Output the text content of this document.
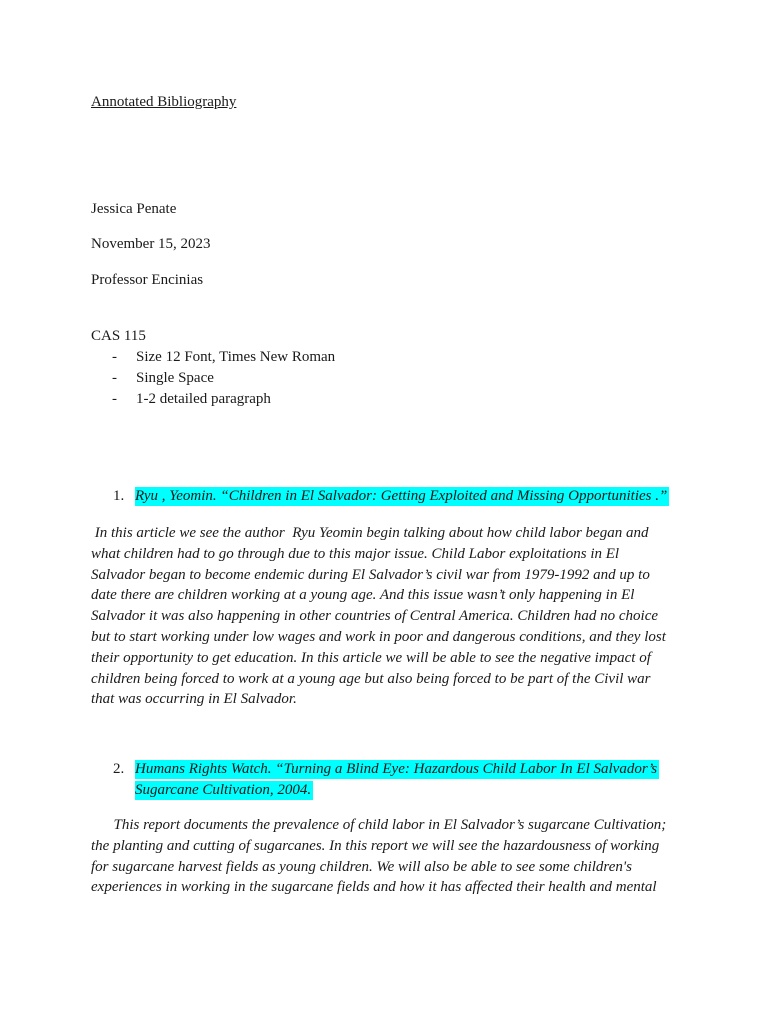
Annotated Bibliography
Jessica Penate
November 15, 2023
Professor Encinias
CAS 115
- Size 12 Font, Times New Roman
- Single Space
- 1-2 detailed paragraph
1. Ryu , Yeomin. “Children in El Salvador: Getting Exploited and Missing Opportunities .”
In this article we see the author  Ryu Yeomin begin talking about how child labor began and
what children had to go through due to this major issue. Child Labor exploitations in El
Salvador began to become endemic during El Salvador’s civil war from 1979-1992 and up to
date there are children working at a young age. And this issue wasn’t only happening in El
Salvador it was also happening in other countries of Central America. Children had no choice
but to start working under low wages and work in poor and dangerous conditions, and they lost
their opportunity to get education. In this article we will be able to see the negative impact of
children being forced to work at a young age but also being forced to be part of the Civil war
that was occurring in El Salvador.
2. Humans Rights Watch. “Turning a Blind Eye: Hazardous Child Labor In El Salvador’s
Sugarcane Cultivation, 2004.
This report documents the prevalence of child labor in El Salvador’s sugarcane Cultivation;
the planting and cutting of sugarcanes. In this report we will see the hazardousness of working
for sugarcane harvest fields as young children. We will also be able to see some children's
experiences in working in the sugarcane fields and how it has affected their health and mental
